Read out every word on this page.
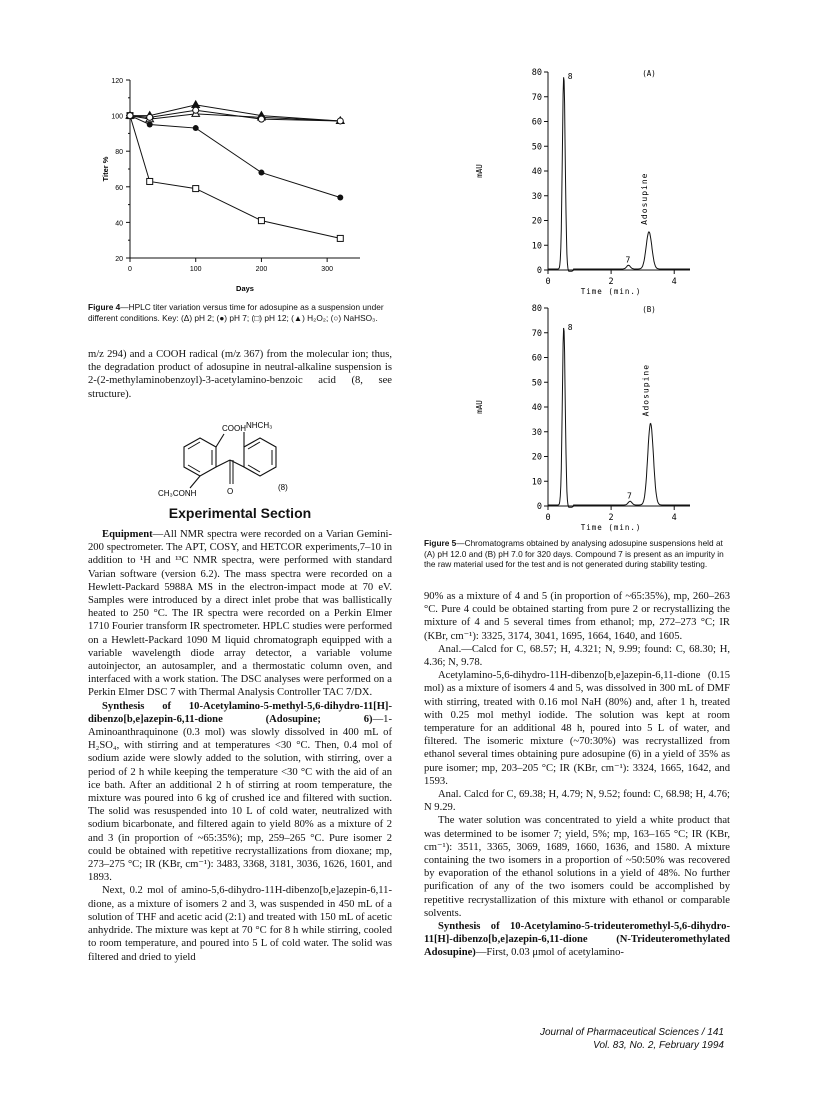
20
40
60
80
100
120
0	100	200	300
Days
Titer %
Figure 4—HPLC titer variation versus time for adosupine as a suspension under different conditions. Key: (Δ) pH 2; (●) pH 7; (□) pH 12; (▲) H₂O₂; (○) NaHSO₃.

m/z 294) and a COOH radical (m/z 367) from the molecular ion; thus, the degradation product of adosupine in neutral-alkaline suspension is 2-(2-methylaminobenzoyl)-3-acetylamino-benzoic acid (8, see structure).

COOH
CH₃CONH	O
NHCH₃
(8)
Experimental Section

Equipment—All NMR spectra were recorded on a Varian Gemini-200 spectrometer. The APT, COSY, and HETCOR experiments,7–10 in addition to ¹H and ¹³C NMR spectra, were performed with standard Varian software (version 6.2). The mass spectra were recorded on a Hewlett-Packard 5988A MS in the electron-impact mode at 70 eV. Samples were introduced by a direct inlet probe that was ballistically heated to 250 °C. The IR spectra were recorded on a Perkin Elmer 1710 Fourier transform IR spectrometer. HPLC studies were performed on a Hewlett-Packard 1090 M liquid chromatograph equipped with a variable wavelength diode array detector, a variable volume autoinjector, an autosampler, and a thermostatic column oven, and interfaced with a work station. The DSC analyses were performed on a Perkin Elmer DSC 7 with Thermal Analysis Controller TAC 7/DX.

Synthesis of 10-Acetylamino-5-methyl-5,6-dihydro-11[H]-dibenzo[b,e]azepin-6,11-dione (Adosupine; 6)—1-Aminoanthraquinone (0.3 mol) was slowly dissolved in 400 mL of H₂SO₄, with stirring and at temperatures <30 °C. Then, 0.4 mol of sodium azide were slowly added to the solution, with stirring, over a period of 2 h while keeping the temperature <30 °C with the aid of an ice bath. After an additional 2 h of stirring at room temperature, the mixture was poured into 6 kg of crushed ice and filtered with suction. The solid was resuspended into 10 L of cold water, neutralized with sodium bicarbonate, and filtered again to yield 80% as a mixture of 2 and 3 (in proportion of ~65:35%); mp, 259–265 °C. Pure isomer 2 could be obtained with repetitive recrystallizations from dioxane; mp, 273–275 °C; IR (KBr, cm⁻¹): 3483, 3368, 3181, 3036, 1626, 1601, and 1893.

Next, 0.2 mol of amino-5,6-dihydro-11H-dibenzo[b,e]azepin-6,11-dione, as a mixture of isomers 2 and 3, was suspended in 450 mL of a solution of THF and acetic acid (2:1) and treated with 150 mL of acetic anhydride. The mixture was kept at 70 °C for 8 h while stirring, cooled to room temperature, and poured into 5 L of cold water. The solid was filtered and dried to yield

0
10
20
30
40
50
60
70
80
0	2	4
Time (min.)
mAU
(A)
8
7
Adosupine
0
10
20
30
40
50
60
70
80
0	2	4
Time (min.)
mAU
(B)
8
7
Adosupine
Figure 5—Chromatograms obtained by analysing adosupine suspensions held at (A) pH 12.0 and (B) pH 7.0 for 320 days. Compound 7 is present as an impurity in the raw material used for the test and is not generated during stability testing.

90% as a mixture of 4 and 5 (in proportion of ~65:35%), mp, 260–263 °C. Pure 4 could be obtained starting from pure 2 or recrystallizing the mixture of 4 and 5 several times from ethanol; mp, 272–273 °C; IR (KBr, cm⁻¹): 3325, 3174, 3041, 1695, 1664, 1640, and 1605.

Anal.—Calcd for C, 68.57; H, 4.321; N, 9.99; found: C, 68.30; H, 4.36; N, 9.78.

Acetylamino-5,6-dihydro-11H-dibenzo[b,e]azepin-6,11-dione (0.15 mol) as a mixture of isomers 4 and 5, was dissolved in 300 mL of DMF with stirring, treated with 0.16 mol NaH (80%) and, after 1 h, treated with 0.25 mol methyl iodide. The solution was kept at room temperature for an additional 48 h, poured into 5 L of water, and filtered. The isomeric mixture (~70:30%) was recrystallized from ethanol several times obtaining pure adosupine (6) in a yield of 35% as pure isomer; mp, 203–205 °C; IR (KBr, cm⁻¹): 3324, 1665, 1642, and 1593.

Anal. Calcd for C, 69.38; H, 4.79; N, 9.52; found: C, 68.98; H, 4.76; N 9.29.

The water solution was concentrated to yield a white product that was determined to be isomer 7; yield, 5%; mp, 163–165 °C; IR (KBr, cm⁻¹): 3511, 3365, 3069, 1689, 1660, 1636, and 1580. A mixture containing the two isomers in a proportion of ~50:50% was recovered by evaporation of the ethanol solutions in a yield of 48%. No further purification of any of the two isomers could be accomplished by repetitive recrystallization of this mixture with ethanol or comparable solvents.

Synthesis of 10-Acetylamino-5-trideuteromethyl-5,6-dihydro-11[H]-dibenzo[b,e]azepin-6,11-dione (N-Trideuteromethylated Adosupine)—First, 0.03 μmol of acetylamino-

Journal of Pharmaceutical Sciences / 141
Vol. 83, No. 2, February 1994
